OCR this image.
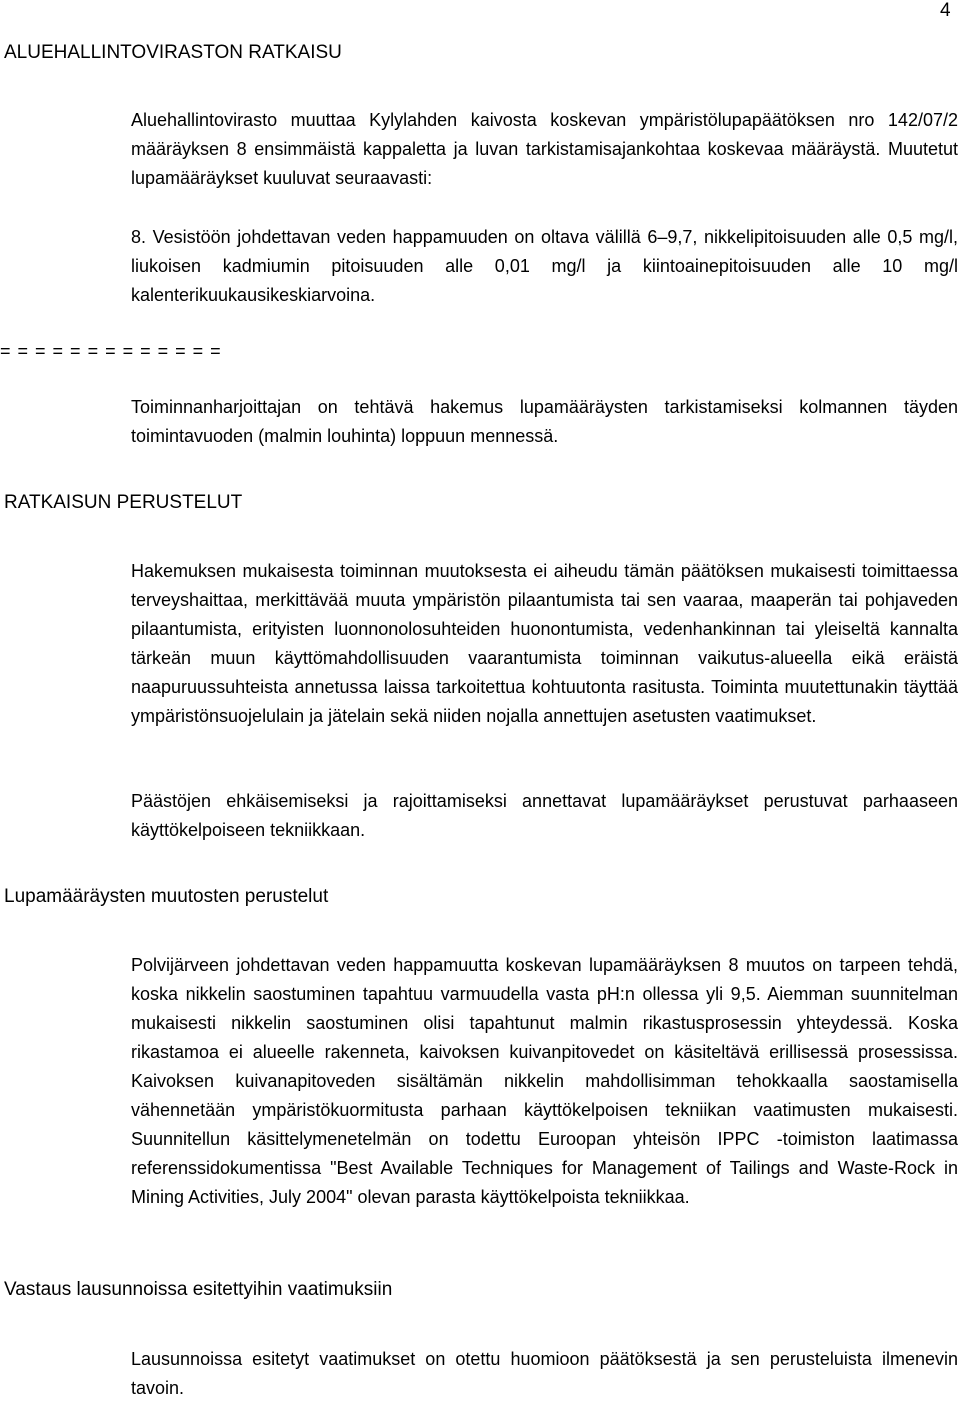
4
ALUEHALLINTOVIRASTON RATKAISU

Aluehallintovirasto muuttaa Kylylahden kaivosta koskevan ympäristölupapäätöksen nro 142/07/2 määräyksen 8 ensimmäistä kappaletta ja luvan tarkistamisajankohtaa koskevaa määräystä. Muutetut lupamääräykset kuuluvat seuraavasti:

8. Vesistöön johdettavan veden happamuuden on oltava välillä 6–9,7, nikkelipitoisuuden alle 0,5 mg/l, liukoisen kadmiumin pitoisuuden alle 0,01 mg/l ja kiintoainepitoisuuden alle 10 mg/l kalenterikuukausikeskiarvoina.

= = = = = = = = = = = = =

Toiminnanharjoittajan on tehtävä hakemus lupamääräysten tarkistamiseksi kolmannen täyden toimintavuoden (malmin louhinta) loppuun mennessä.

RATKAISUN PERUSTELUT

Hakemuksen mukaisesta toiminnan muutoksesta ei aiheudu tämän päätöksen mukaisesti toimittaessa terveyshaittaa, merkittävää muuta ympäristön pilaantumista tai sen vaaraa, maaperän tai pohjaveden pilaantumista, erityisten luonnonolosuhteiden huonontumista, vedenhankinnan tai yleiseltä kannalta tärkeän muun käyttömahdollisuuden vaarantumista toiminnan vaikutus-alueella eikä eräistä naapuruussuhteista annetussa laissa tarkoitettua kohtuutonta rasitusta. Toiminta muutettunakin täyttää ympäristönsuojelulain ja jätelain sekä niiden nojalla annettujen asetusten vaatimukset.

Päästöjen ehkäisemiseksi ja rajoittamiseksi annettavat lupamääräykset perustuvat parhaaseen käyttökelpoiseen tekniikkaan.

Lupamääräysten muutosten perustelut

Polvijärveen johdettavan veden happamuutta koskevan lupamääräyksen 8 muutos on tarpeen tehdä, koska nikkelin saostuminen tapahtuu varmuudella vasta pH:n ollessa yli 9,5. Aiemman suunnitelman mukaisesti nikkelin saostuminen olisi tapahtunut malmin rikastusprosessin yhteydessä. Koska rikastamoa ei alueelle rakenneta, kaivoksen kuivanpitovedet on käsiteltävä erillisessä prosessissa. Kaivoksen kuivanapitoveden sisältämän nikkelin mahdollisimman tehokkaalla saostamisella vähennetään ympäristökuormitusta parhaan käyttökelpoisen tekniikan vaatimusten mukaisesti. Suunnitellun käsittelymenetelmän on todettu Euroopan yhteisön IPPC -toimiston laatimassa referenssidokumentissa "Best Available Techniques for Management of Tailings and Waste-Rock in Mining Activities, July 2004" olevan parasta käyttökelpoista tekniikkaa.

Vastaus lausunnoissa esitettyihin vaatimuksiin

Lausunnoissa esitetyt vaatimukset on otettu huomioon päätöksestä ja sen perusteluista ilmenevin tavoin.
